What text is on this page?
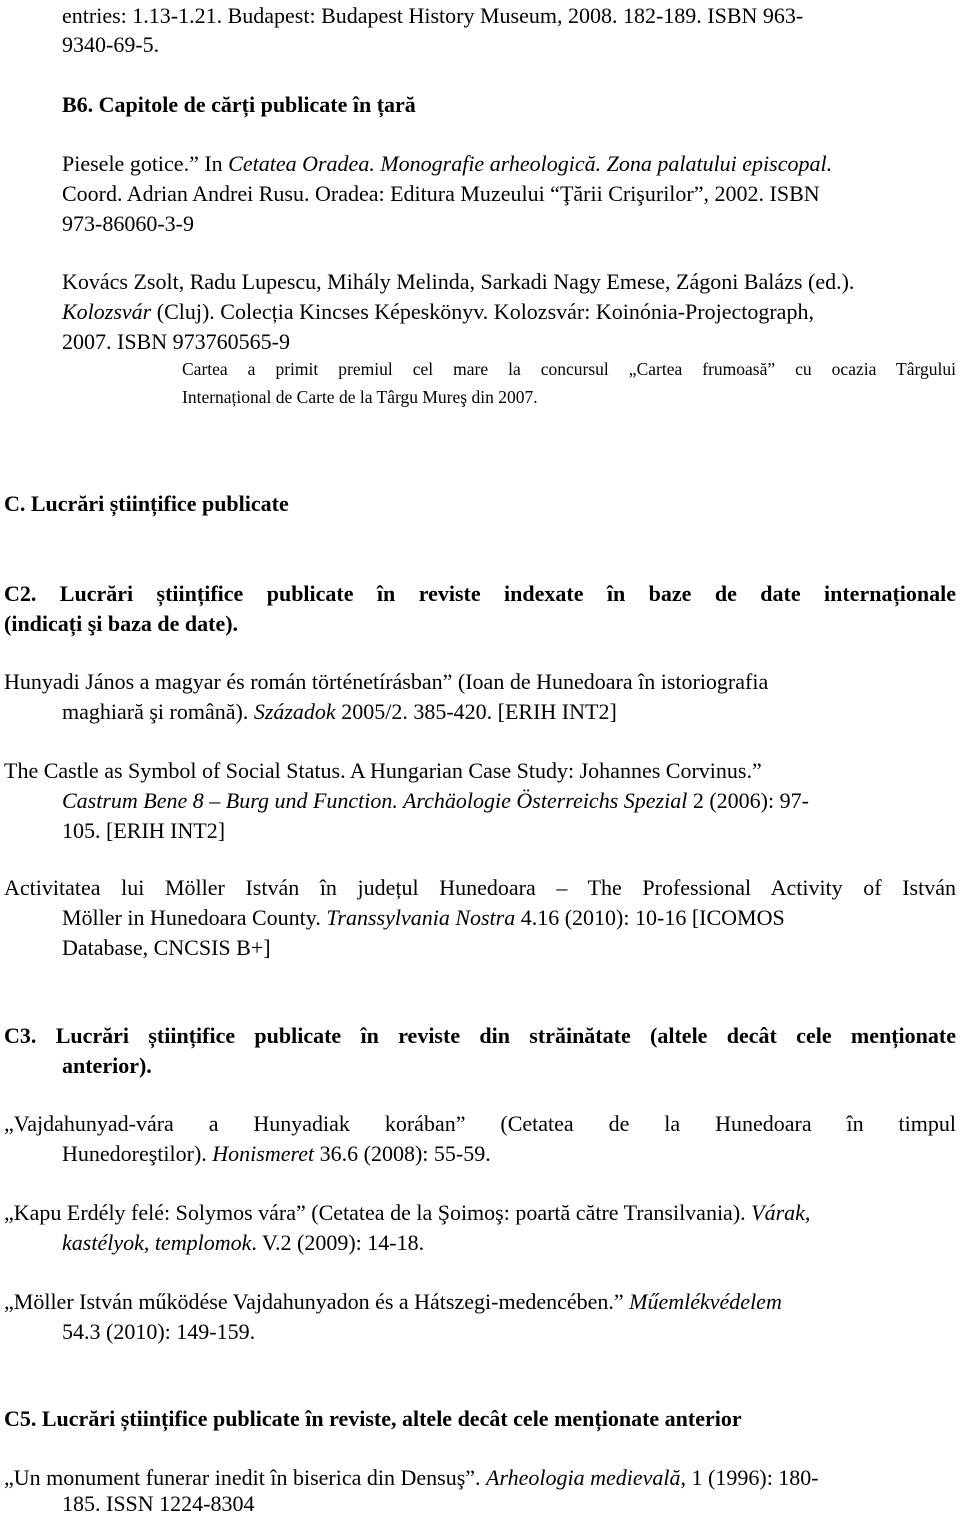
entries: 1.13-1.21. Budapest: Budapest History Museum, 2008. 182-189. ISBN 963-
9340-69-5.
B6. Capitole de cărți publicate în țară
Piesele gotice.” In Cetatea Oradea. Monografie arheologică. Zona palatului episcopal.
Coord. Adrian Andrei Rusu. Oradea: Editura Muzeului “Ţării Crişurilor”, 2002. ISBN
973-86060-3-9
Kovács Zsolt, Radu Lupescu, Mihály Melinda, Sarkadi Nagy Emese, Zágoni Balázs (ed.).
Kolozsvár (Cluj). Colecția Kincses Képeskönyv. Kolozsvár: Koinónia-Projectograph,
2007. ISBN 973760565-9
Cartea a primit premiul cel mare la concursul „Cartea frumoasă” cu ocazia Târgului
Internațional de Carte de la Târgu Mureş din 2007.
C. Lucrări științifice publicate
C2. Lucrări științifice publicate în reviste indexate în baze de date internaționale
(indicați şi baza de date).
Hunyadi János a magyar és román történetírásban” (Ioan de Hunedoara în istoriografia
maghiară şi română). Századok 2005/2. 385-420. [ERIH INT2]
The Castle as Symbol of Social Status. A Hungarian Case Study: Johannes Corvinus.”
Castrum Bene 8 – Burg und Function. Archäologie Österreichs Spezial 2 (2006): 97-
105. [ERIH INT2]
Activitatea lui Möller István în județul Hunedoara – The Professional Activity of István
Möller in Hunedoara County. Transsylvania Nostra 4.16 (2010): 10-16 [ICOMOS
Database, CNCSIS B+]
C3. Lucrări științifice publicate în reviste din străinătate (altele decât cele menționate
anterior).
„Vajdahunyad-vára a Hunyadiak korában” (Cetatea de la Hunedoara în timpul
Hunedoreştilor). Honismeret 36.6 (2008): 55-59.
„Kapu Erdély felé: Solymos vára” (Cetatea de la Şoimoş: poartă către Transilvania). Várak,
kastélyok, templomok. V.2 (2009): 14-18.
„Möller István működése Vajdahunyadon és a Hátszegi-medencében.” Műemlékvédelem
54.3 (2010): 149-159.
C5. Lucrări științifice publicate în reviste, altele decât cele menționate anterior
„Un monument funerar inedit în biserica din Densuş”. Arheologia medievală, 1 (1996): 180-
185. ISSN 1224-8304
